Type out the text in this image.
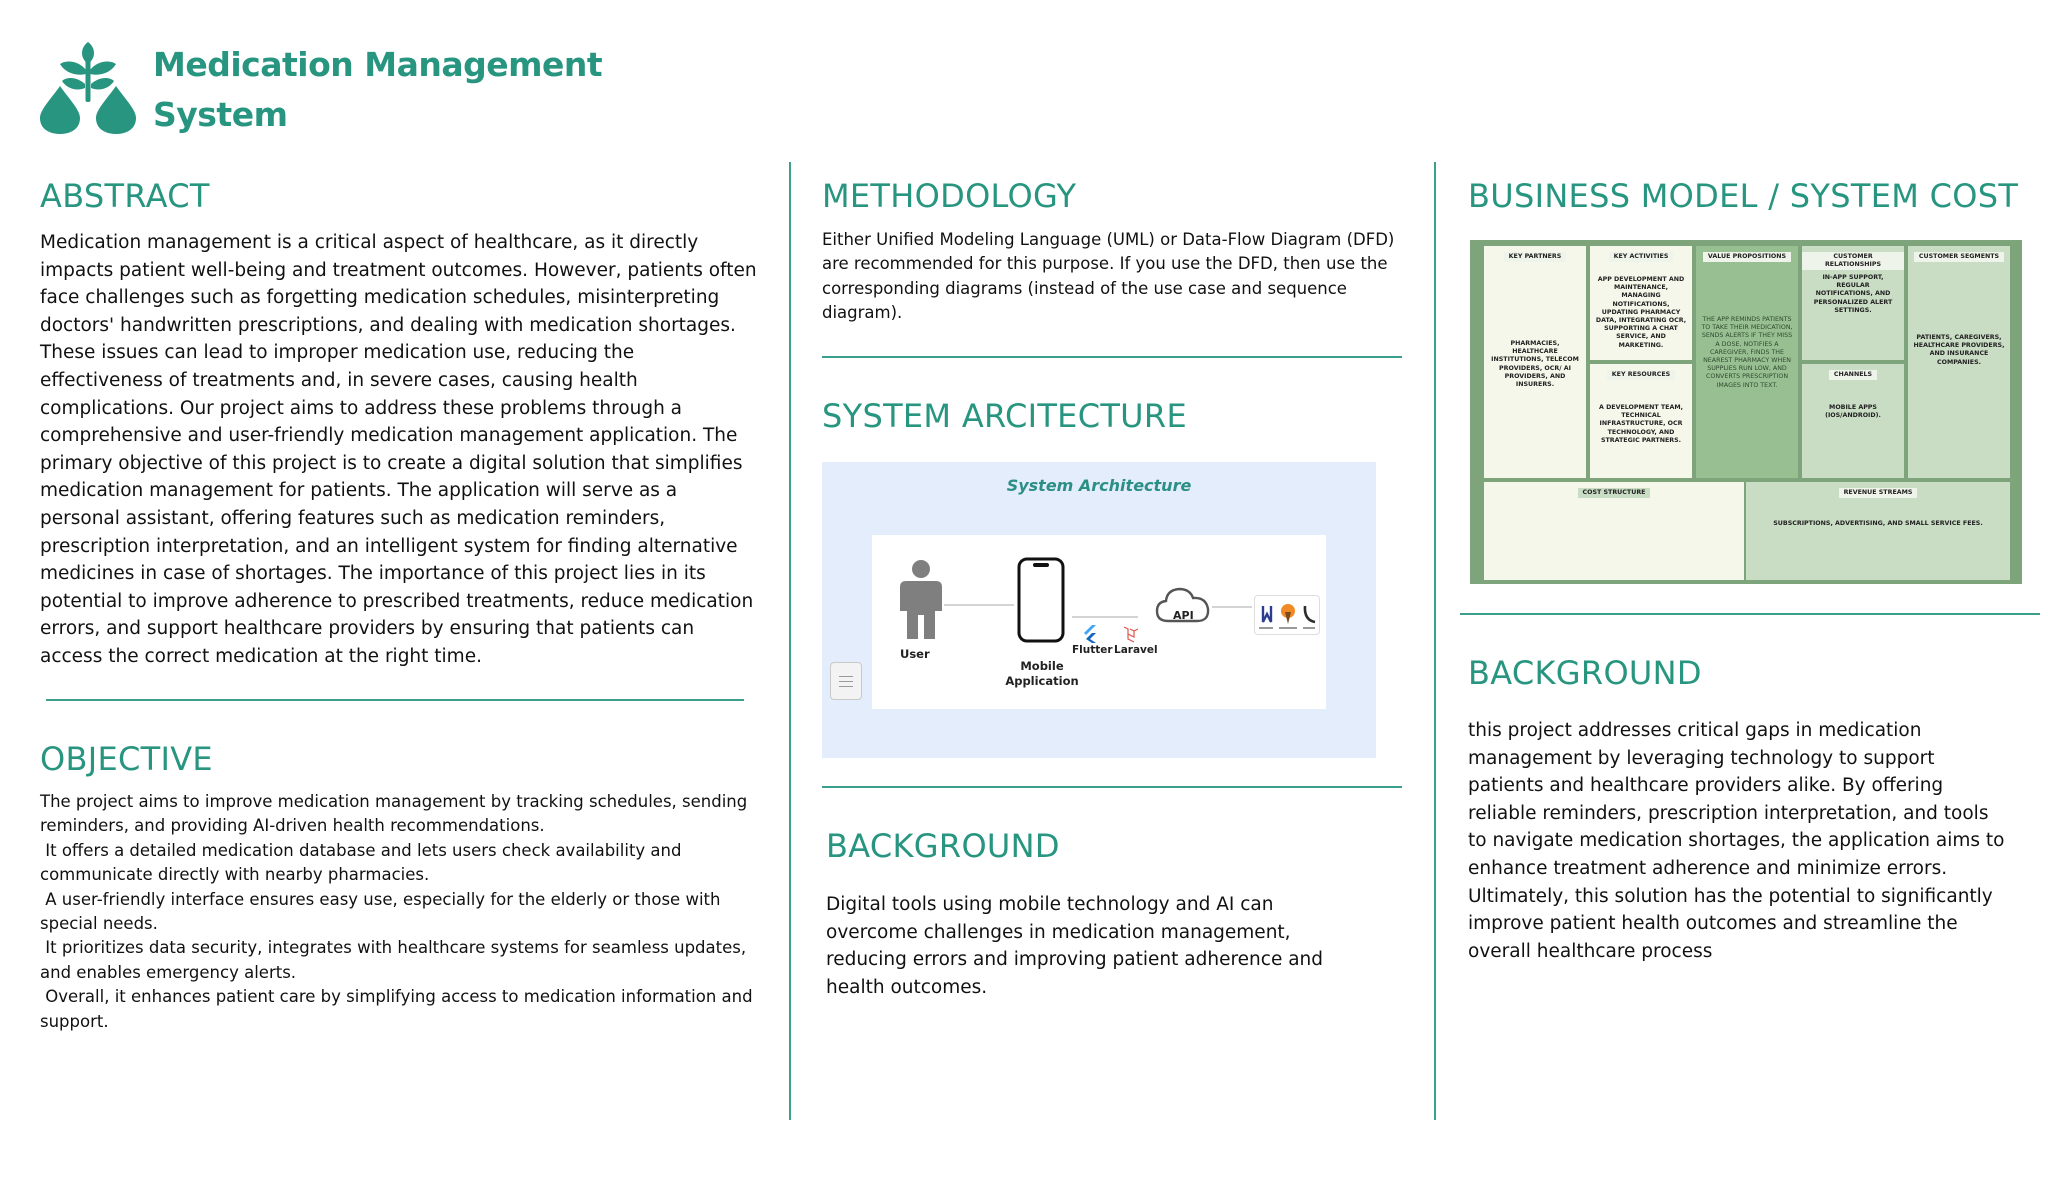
Medication Management System
ABSTRACT
Medication management is a critical aspect of healthcare, as it directly impacts patient well-being and treatment outcomes. However, patients often face challenges such as forgetting medication schedules, misinterpreting doctors' handwritten prescriptions, and dealing with medication shortages. These issues can lead to improper medication use, reducing the effectiveness of treatments and, in severe cases, causing health complications. Our project aims to address these problems through a comprehensive and user-friendly medication management application. The primary objective of this project is to create a digital solution that simplifies medication management for patients. The application will serve as a personal assistant, offering features such as medication reminders, prescription interpretation, and an intelligent system for finding alternative medicines in case of shortages. The importance of this project lies in its potential to improve adherence to prescribed treatments, reduce medication errors, and support healthcare providers by ensuring that patients can access the correct medication at the right time.
OBJECTIVE
The project aims to improve medication management by tracking schedules, sending reminders, and providing AI-driven health recommendations.
It offers a detailed medication database and lets users check availability and communicate directly with nearby pharmacies.
A user-friendly interface ensures easy use, especially for the elderly or those with special needs.
It prioritizes data security, integrates with healthcare systems for seamless updates, and enables emergency alerts.
Overall, it enhances patient care by simplifying access to medication information and support.
METHODOLOGY
Either Unified Modeling Language (UML) or Data-Flow Diagram (DFD) are recommended for this purpose. If you use the DFD, then use the corresponding diagrams (instead of the use case and sequence diagram).
SYSTEM ARCITECTURE
System Architecture
User
Mobile Application
Flutter Laravel
API
BACKGROUND
Digital tools using mobile technology and AI can overcome challenges in medication management, reducing errors and improving patient adherence and health outcomes.
BUSINESS MODEL / SYSTEM COST
KEY PARTNERS
PHARMACIES, HEALTHCARE INSTITUTIONS, TELECOM PROVIDERS, OCR/ AI PROVIDERS, AND INSURERS.
KEY ACTIVITIES
APP DEVELOPMENT AND MAINTENANCE, MANAGING NOTIFICATIONS, UPDATING PHARMACY DATA, INTEGRATING OCR, SUPPORTING A CHAT SERVICE, AND MARKETING.
KEY RESOURCES
A DEVELOPMENT TEAM, TECHNICAL INFRASTRUCTURE, OCR TECHNOLOGY, AND STRATEGIC PARTNERS.
VALUE PROPOSITIONS
THE APP REMINDS PATIENTS TO TAKE THEIR MEDICATION, SENDS ALERTS IF THEY MISS A DOSE, NOTIFIES A CAREGIVER, FINDS THE NEAREST PHARMACY WHEN SUPPLIES RUN LOW, AND CONVERTS PRESCRIPTION IMAGES INTO TEXT.
CUSTOMER RELATIONSHIPS
IN-APP SUPPORT, REGULAR NOTIFICATIONS, AND PERSONALIZED ALERT SETTINGS.
CHANNELS
MOBILE APPS (IOS/ANDROID).
CUSTOMER SEGMENTS
PATIENTS, CAREGIVERS, HEALTHCARE PROVIDERS, AND INSURANCE COMPANIES.
COST STRUCTURE	REVENUE STREAMS
SUBSCRIPTIONS, ADVERTISING, AND SMALL SERVICE FEES.
BACKGROUND
this project addresses critical gaps in medication management by leveraging technology to support patients and healthcare providers alike. By offering reliable reminders, prescription interpretation, and tools to navigate medication shortages, the application aims to enhance treatment adherence and minimize errors. Ultimately, this solution has the potential to significantly improve patient health outcomes and streamline the overall healthcare process
